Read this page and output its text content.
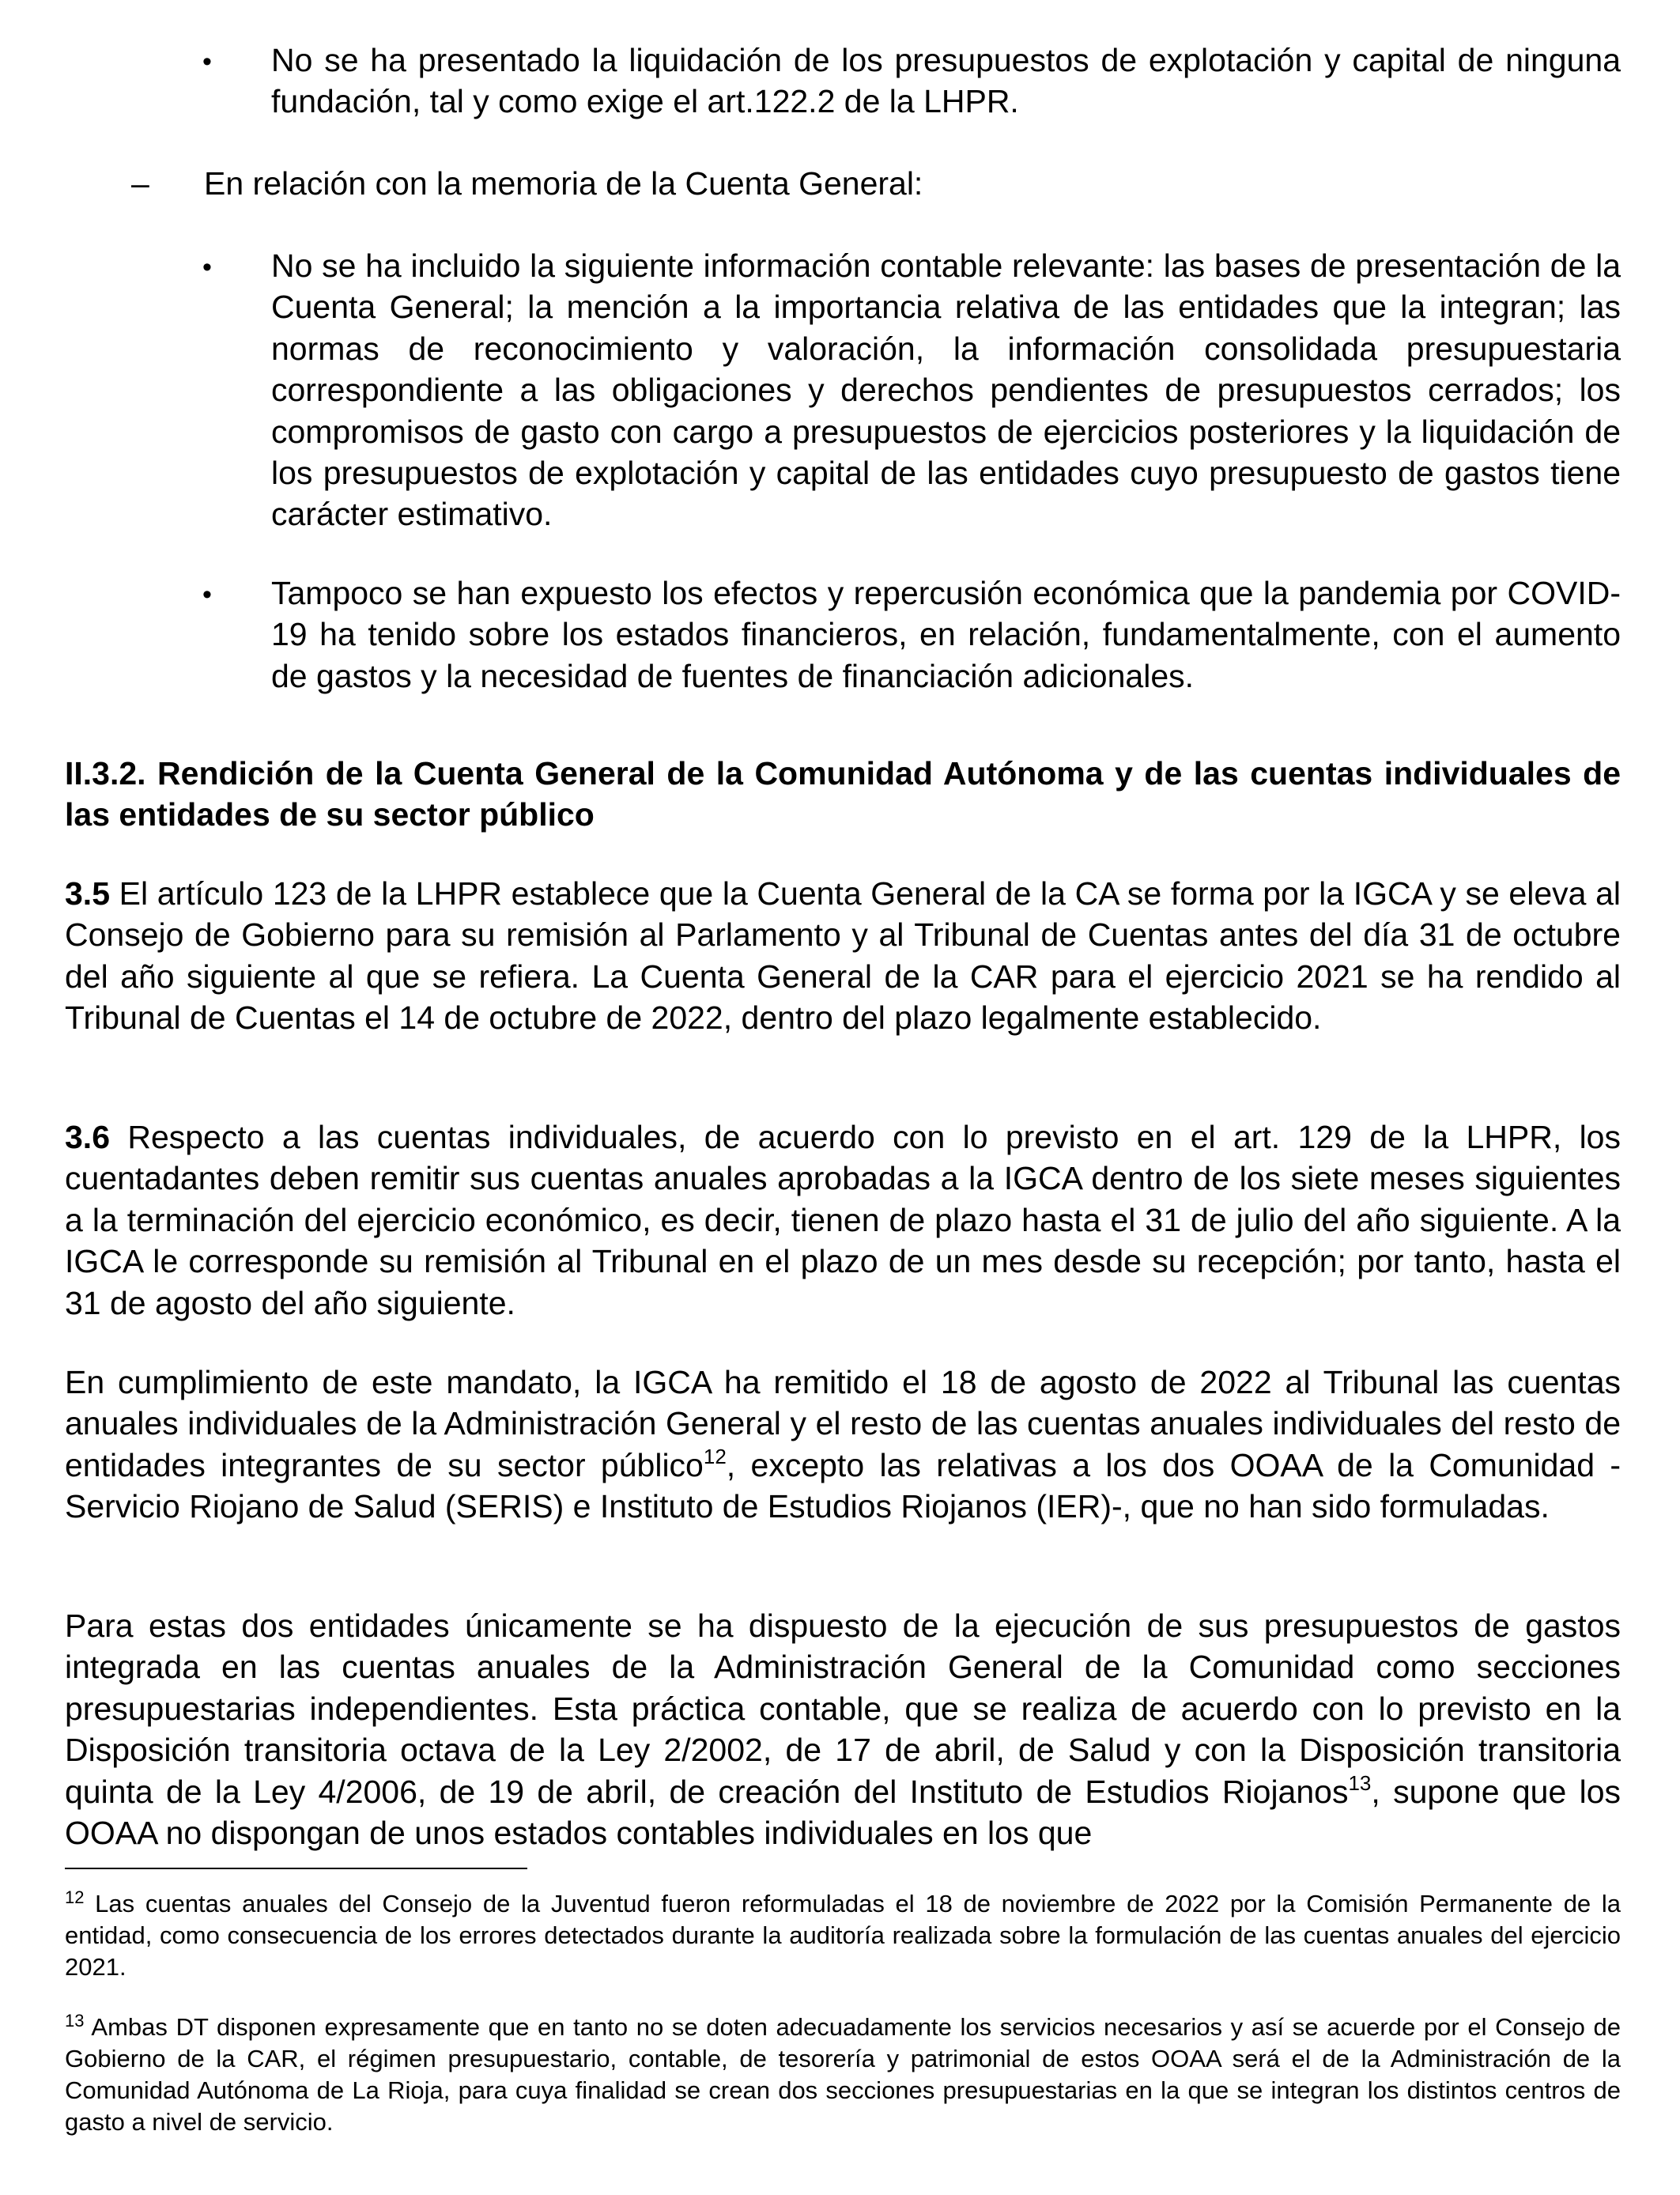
• No se ha presentado la liquidación de los presupuestos de explotación y capital de ninguna fundación, tal y como exige el art.122.2 de la LHPR.

– En relación con la memoria de la Cuenta General:

• No se ha incluido la siguiente información contable relevante: las bases de presentación de la Cuenta General; la mención a la importancia relativa de las entidades que la integran; las normas de reconocimiento y valoración, la información consolidada presupuestaria correspondiente a las obligaciones y derechos pendientes de presupuestos cerrados; los compromisos de gasto con cargo a presupuestos de ejercicios posteriores y la liquidación de los presupuestos de explotación y capital de las entidades cuyo presupuesto de gastos tiene carácter estimativo.

• Tampoco se han expuesto los efectos y repercusión económica que la pandemia por COVID-19 ha tenido sobre los estados financieros, en relación, fundamentalmente, con el aumento de gastos y la necesidad de fuentes de financiación adicionales.

II.3.2. Rendición de la Cuenta General de la Comunidad Autónoma y de las cuentas individuales de las entidades de su sector público

3.5 El artículo 123 de la LHPR establece que la Cuenta General de la CA se forma por la IGCA y se eleva al Consejo de Gobierno para su remisión al Parlamento y al Tribunal de Cuentas antes del día 31 de octubre del año siguiente al que se refiera. La Cuenta General de la CAR para el ejercicio 2021 se ha rendido al Tribunal de Cuentas el 14 de octubre de 2022, dentro del plazo legalmente establecido.

3.6 Respecto a las cuentas individuales, de acuerdo con lo previsto en el art. 129 de la LHPR, los cuentadantes deben remitir sus cuentas anuales aprobadas a la IGCA dentro de los siete meses siguientes a la terminación del ejercicio económico, es decir, tienen de plazo hasta el 31 de julio del año siguiente. A la IGCA le corresponde su remisión al Tribunal en el plazo de un mes desde su recepción; por tanto, hasta el 31 de agosto del año siguiente.

En cumplimiento de este mandato, la IGCA ha remitido el 18 de agosto de 2022 al Tribunal las cuentas anuales individuales de la Administración General y el resto de las cuentas anuales individuales del resto de entidades integrantes de su sector público$^{12}$, excepto las relativas a los dos OOAA de la Comunidad -Servicio Riojano de Salud (SERIS) e Instituto de Estudios Riojanos (IER)-, que no han sido formuladas.

Para estas dos entidades únicamente se ha dispuesto de la ejecución de sus presupuestos de gastos integrada en las cuentas anuales de la Administración General de la Comunidad como secciones presupuestarias independientes. Esta práctica contable, que se realiza de acuerdo con lo previsto en la Disposición transitoria octava de la Ley 2/2002, de 17 de abril, de Salud y con la Disposición transitoria quinta de la Ley 4/2006, de 19 de abril, de creación del Instituto de Estudios Riojanos$^{13}$, supone que los OOAA no dispongan de unos estados contables individuales en los que

$^{12}$ Las cuentas anuales del Consejo de la Juventud fueron reformuladas el 18 de noviembre de 2022 por la Comisión Permanente de la entidad, como consecuencia de los errores detectados durante la auditoría realizada sobre la formulación de las cuentas anuales del ejercicio 2021.

$^{13}$ Ambas DT disponen expresamente que en tanto no se doten adecuadamente los servicios necesarios y así se acuerde por el Consejo de Gobierno de la CAR, el régimen presupuestario, contable, de tesorería y patrimonial de estos OOAA será el de la Administración de la Comunidad Autónoma de La Rioja, para cuya finalidad se crean dos secciones presupuestarias en la que se integran los distintos centros de gasto a nivel de servicio.
